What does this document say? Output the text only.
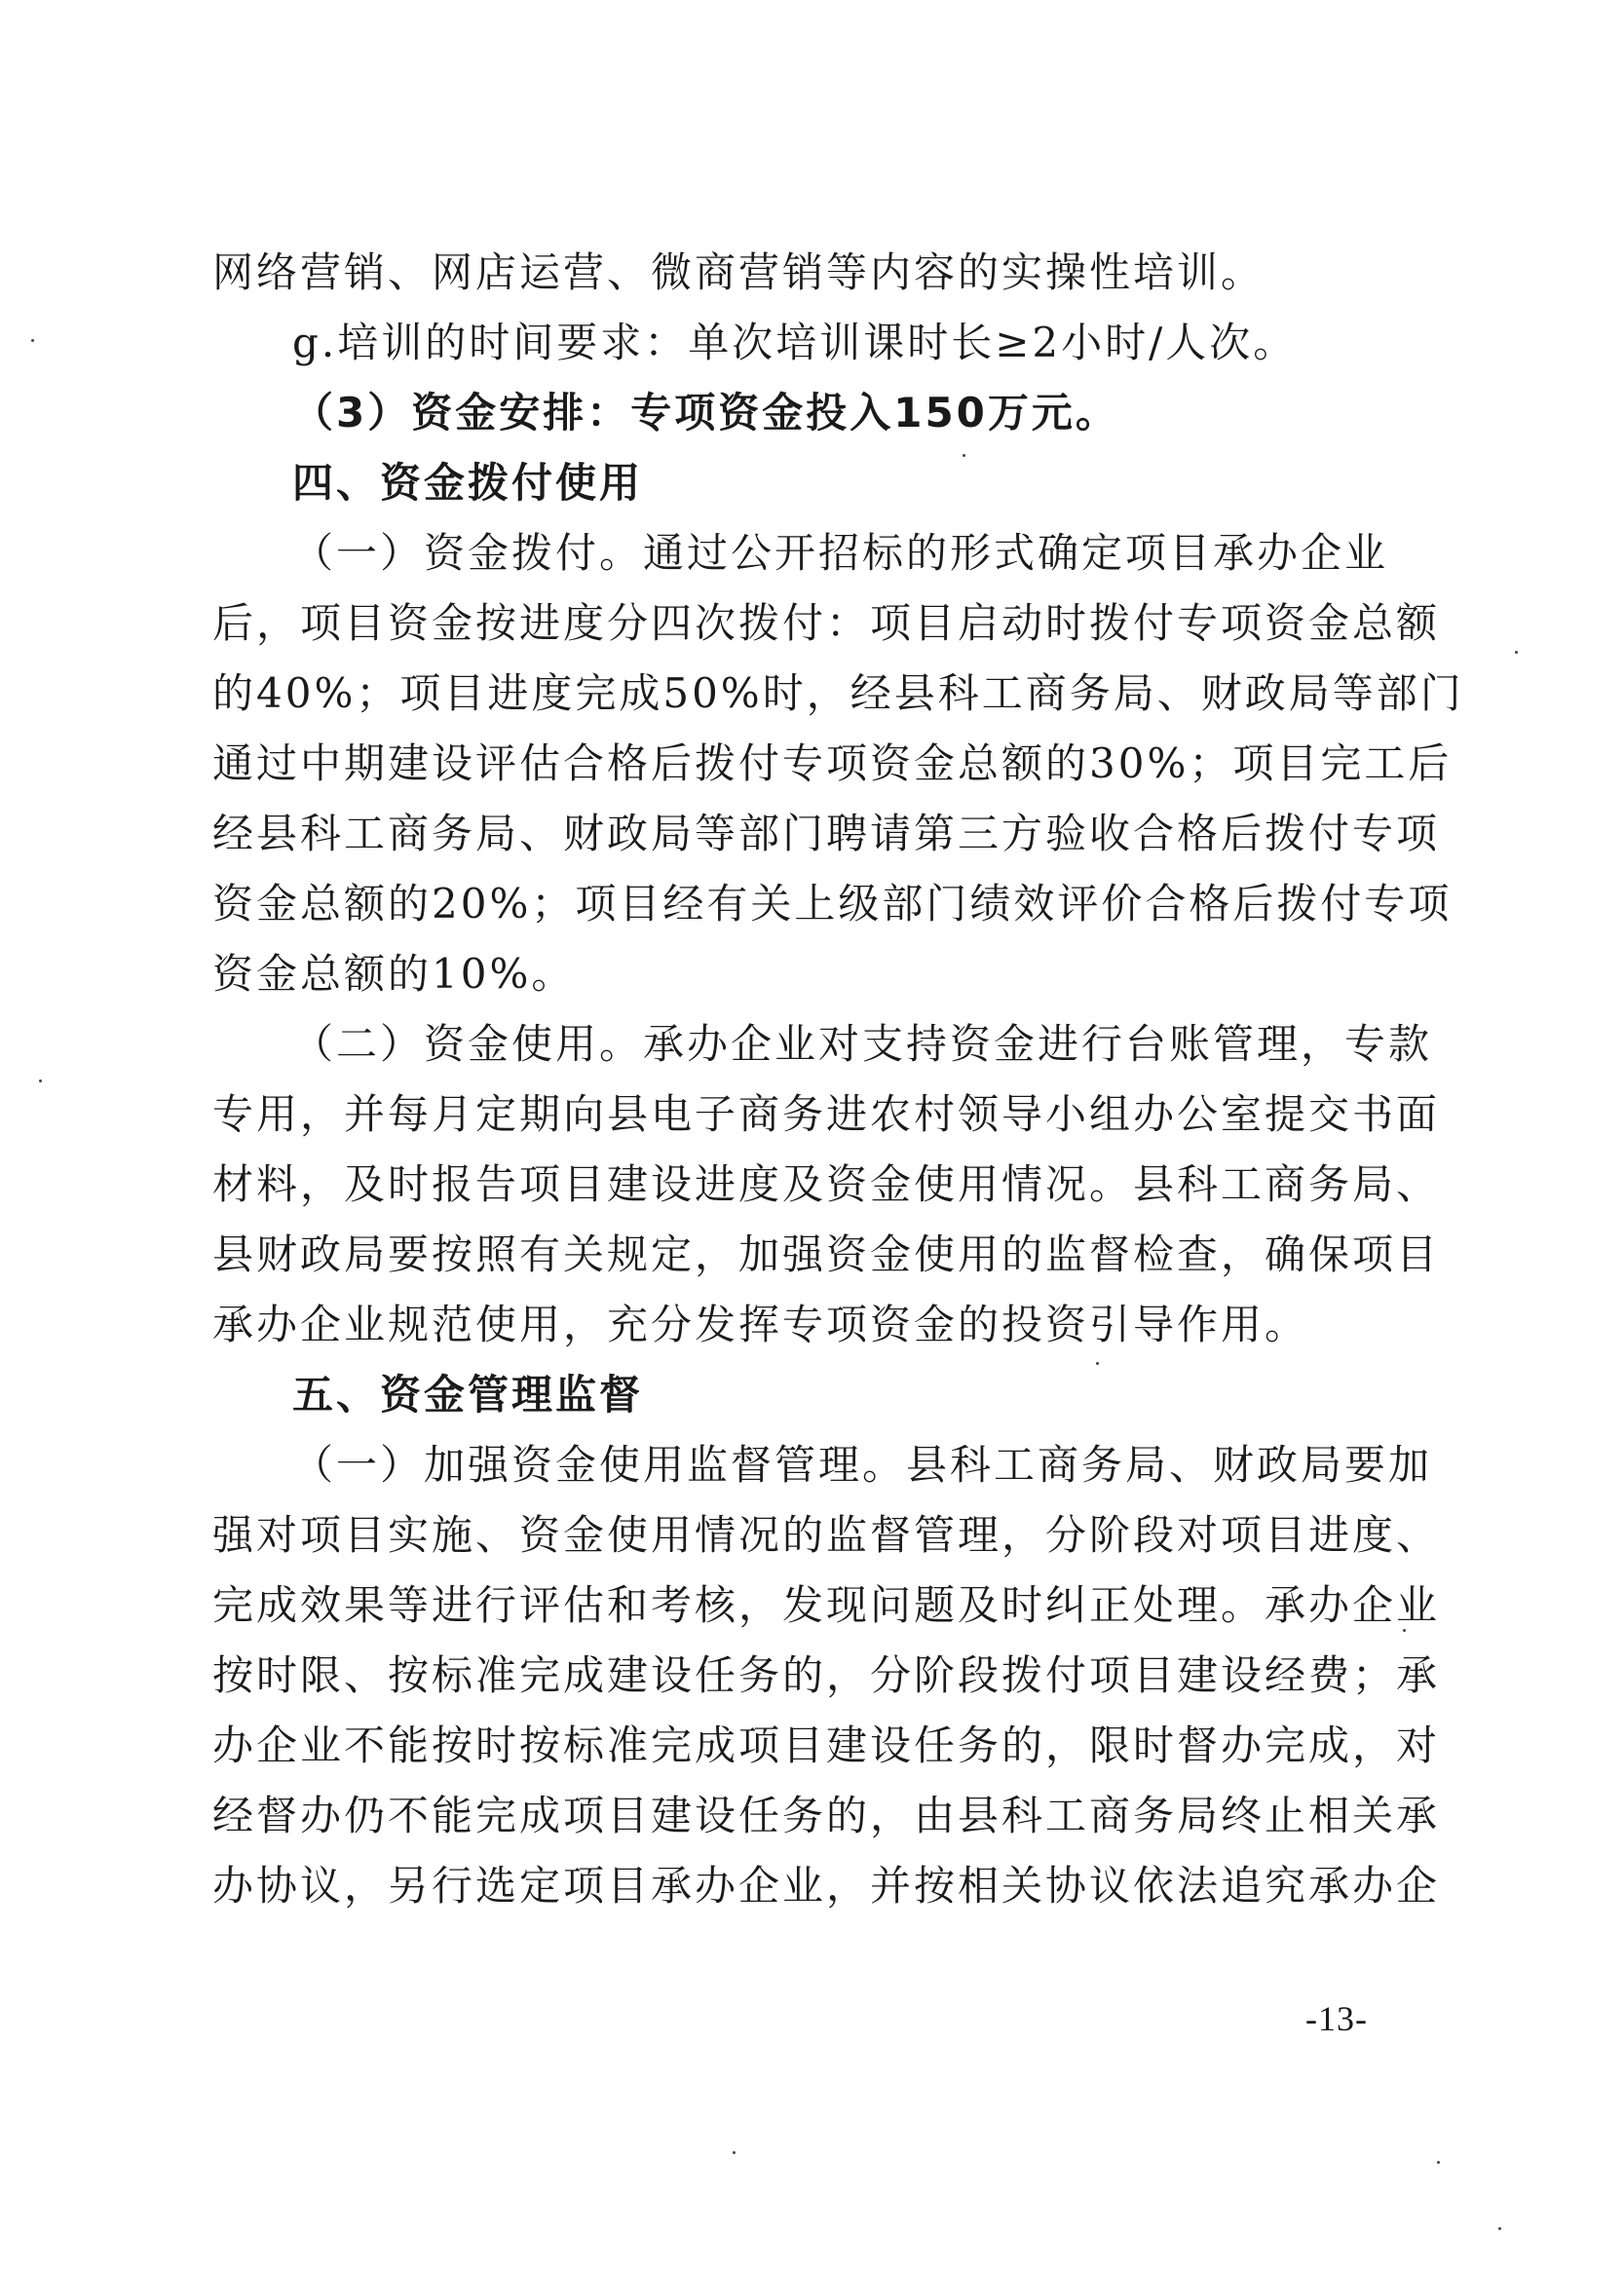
网络营销、网店运营、微商营销等内容的实操性培训。
g.培训的时间要求：单次培训课时长≥2小时/人次。
（3）资金安排：专项资金投入150万元。
四、资金拨付使用
（一）资金拨付。通过公开招标的形式确定项目承办企业
后，项目资金按进度分四次拨付：项目启动时拨付专项资金总额
的40%；项目进度完成50%时，经县科工商务局、财政局等部门
通过中期建设评估合格后拨付专项资金总额的30%；项目完工后
经县科工商务局、财政局等部门聘请第三方验收合格后拨付专项
资金总额的20%；项目经有关上级部门绩效评价合格后拨付专项
资金总额的10%。
（二）资金使用。承办企业对支持资金进行台账管理，专款
专用，并每月定期向县电子商务进农村领导小组办公室提交书面
材料，及时报告项目建设进度及资金使用情况。县科工商务局、
县财政局要按照有关规定，加强资金使用的监督检查，确保项目
承办企业规范使用，充分发挥专项资金的投资引导作用。
五、资金管理监督
（一）加强资金使用监督管理。县科工商务局、财政局要加
强对项目实施、资金使用情况的监督管理，分阶段对项目进度、
完成效果等进行评估和考核，发现问题及时纠正处理。承办企业
按时限、按标准完成建设任务的，分阶段拨付项目建设经费；承
办企业不能按时按标准完成项目建设任务的，限时督办完成，对
经督办仍不能完成项目建设任务的，由县科工商务局终止相关承
办协议，另行选定项目承办企业，并按相关协议依法追究承办企
-13-
